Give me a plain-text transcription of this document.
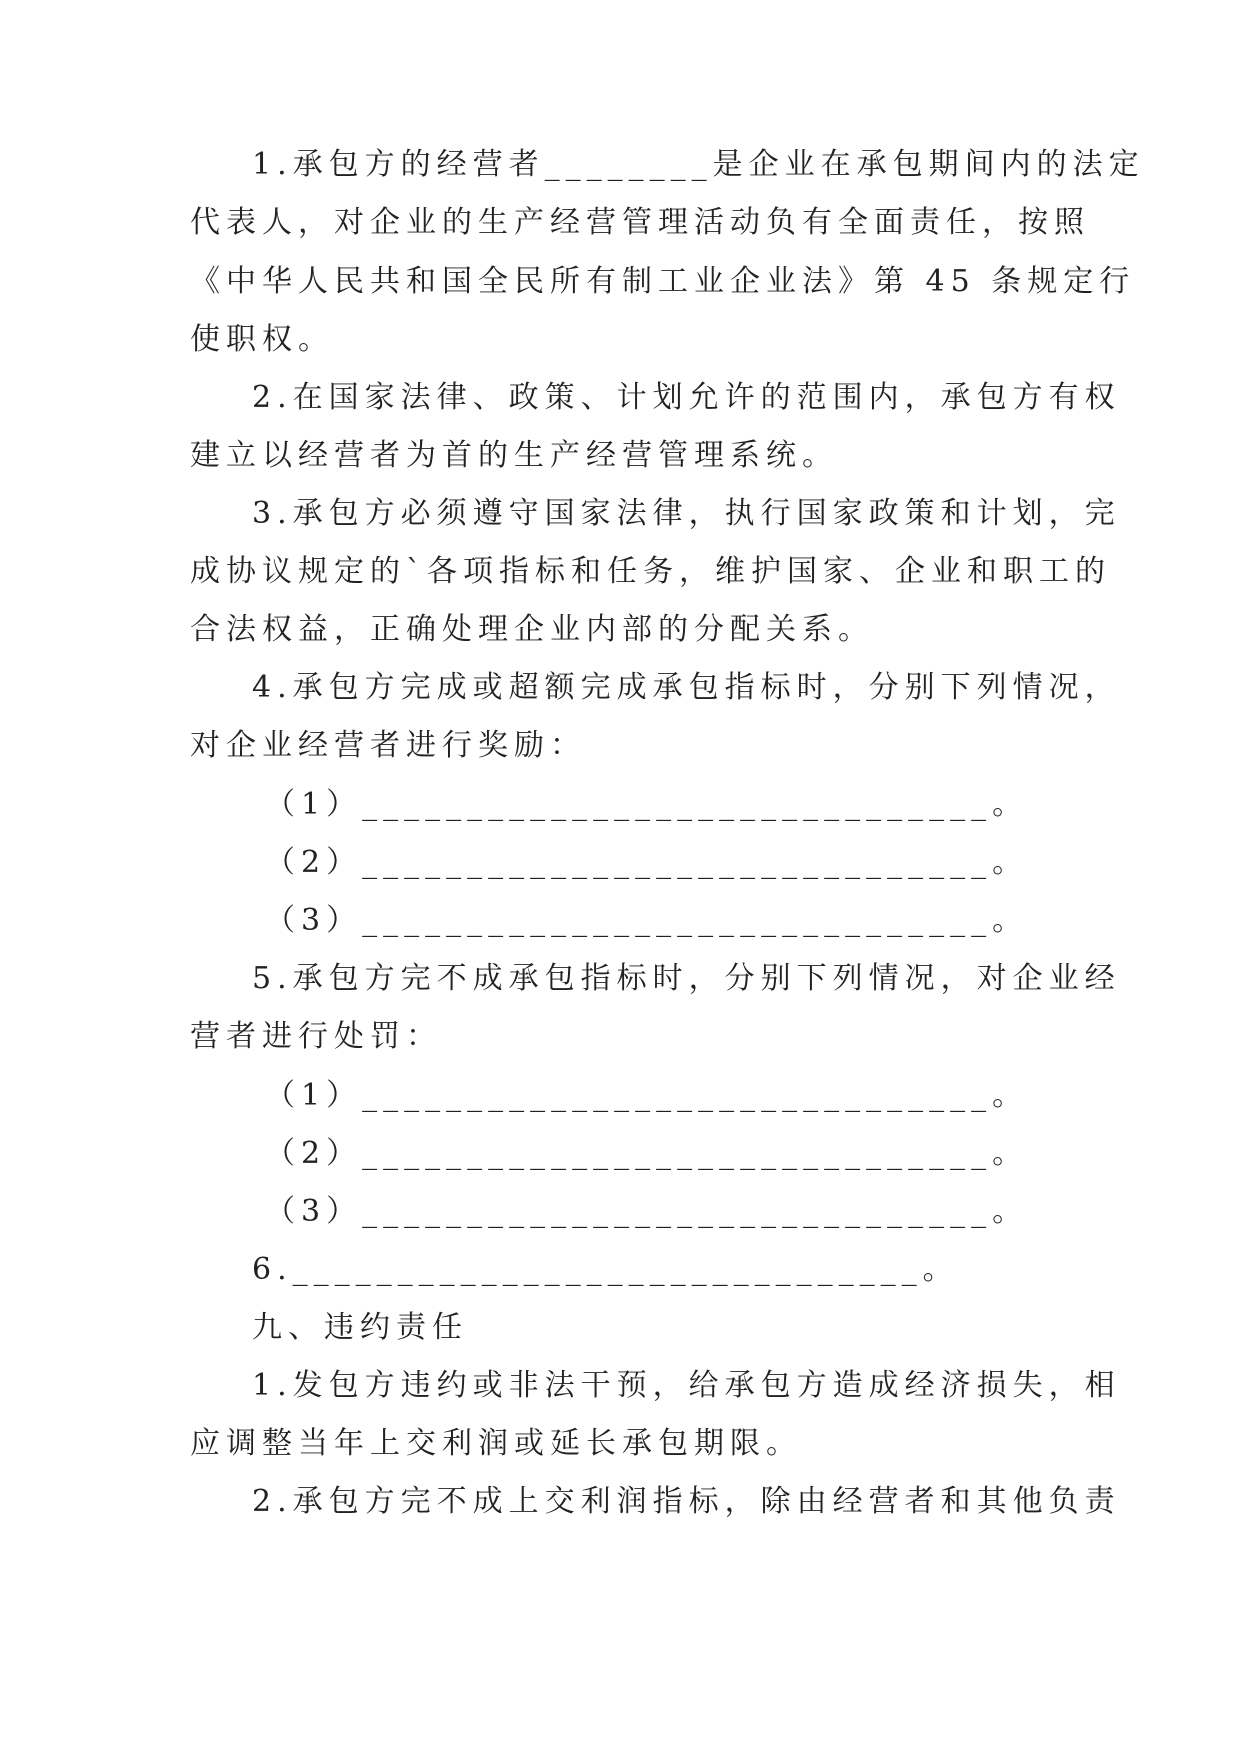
1.承包方的经营者________是企业在承包期间内的法定
代表人，对企业的生产经营管理活动负有全面责任，按照
《中华人民共和国全民所有制工业企业法》第 45 条规定行
使职权。
2.在国家法律、政策、计划允许的范围内，承包方有权
建立以经营者为首的生产经营管理系统。
3.承包方必须遵守国家法律，执行国家政策和计划，完
成协议规定的`各项指标和任务，维护国家、企业和职工的
合法权益，正确处理企业内部的分配关系。
4.承包方完成或超额完成承包指标时，分别下列情况，
对企业经营者进行奖励：
（1）______________________________。
（2）______________________________。
（3）______________________________。
5.承包方完不成承包指标时，分别下列情况，对企业经
营者进行处罚：
（1）______________________________。
（2）______________________________。
（3）______________________________。
6.______________________________。
九、违约责任
1.发包方违约或非法干预，给承包方造成经济损失，相
应调整当年上交利润或延长承包期限。
2.承包方完不成上交利润指标，除由经营者和其他负责
